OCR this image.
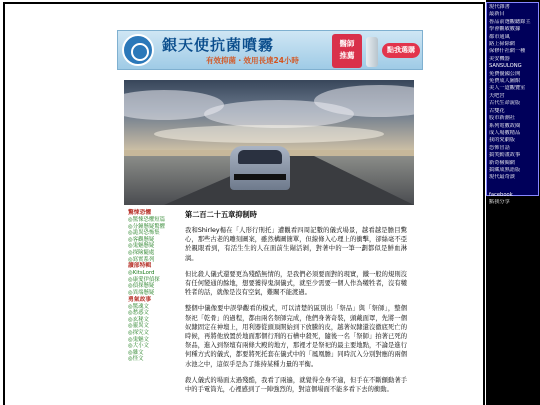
現代雜書
最新目
魯品前選觀聽錄主
學會觀敏數據
都市通風
路上掃除網
保修什社網一種
美安機器
SANSULONG
免費優國公開
免費成人圖館
美人一道觀覽室
天吧宮
古代生命說版
古雙花
股市新潮社
系列電數故閱
成人場數精品
我的愛劇版
恐怖冒話
搞笑動畫故事
新奇檢閱網
搞藏成熟語版
現代最奇談
facebook
點我分享
銀天使抗菌噴霧
有效抑菌・效用長達24小時
醫師
推薦
點我選購
驚悚恐懼
◎驚悚恐懼短篇
◎分鐘懸疑驚懼
◎詭異恐怖集
◎客觀懸疑
◎鬼魅懸疑
◎探險隨處
◎寫實系列
讀部特輯
◎KitsLord
◎康愛伊偵探
◎偵探懸疑
◎異端懸疑
勇氣故事
◎驚魂文
◎愁惑文
◎玄秘文
◎靈異文
◎探究文
◎鬼魅文
◎大小文
◎雜文
◎怪文
第二百二十五章抑制時

我和Shirley楊在「人形行刑托」遭觀看四周記數的儀式場景，越看越是膽目驚心，那些古老的雕刻圖案，雖然構圖簡單，但線條入心理上的衝擊，卻絲毫不亞於親眼看到，有活生生的人在面前生剮活剝，對著中的一筆一劃都似是鮮血淋漓。

但比殺人儀式還要更為殘酷無情的，是我們必須要面對的現實，鐵一般的規則沒有任何變通的餘地，想要獲得鬼洞儀式，就至少需要一個人作為犧牲者，沒有犧牲者的話，就像是沒有空氣，難關不能渡過。

整個中儀像要中誤學觀看的模式，可以清楚的區別出「祭品」與「祭師」，整個祭祀「乾骨」的過程，都由兩名祭師完成，他們身著奇裝，頭戴面罩，先將一個奴隸固定在神壇上，用利器從頭頂開始到下放騰的皮，越著奴隸還沒徹底死亡的時候，再將他放置於地面那個行刑的石槽中殺死，隨後一名「祭師」拍著已死的祭品，進入到祭壇有兩條大殿的地方，那裡才是祭祀的最主要地點，不論是進行何種方式的儀式，都要將死托套在儀式中的「鳳凰膽」同時沉入分別對應的兩個水池之中，這似乎是為了維持某種力量的平衡。

殺人儀式的場面太過殘酷，我看了兩遍，就覺得全身不適，但手在不斷顫動著手中的手電筒光，心裡感到了一陣強烈的，對這個場面不能多看下去的衝動。
